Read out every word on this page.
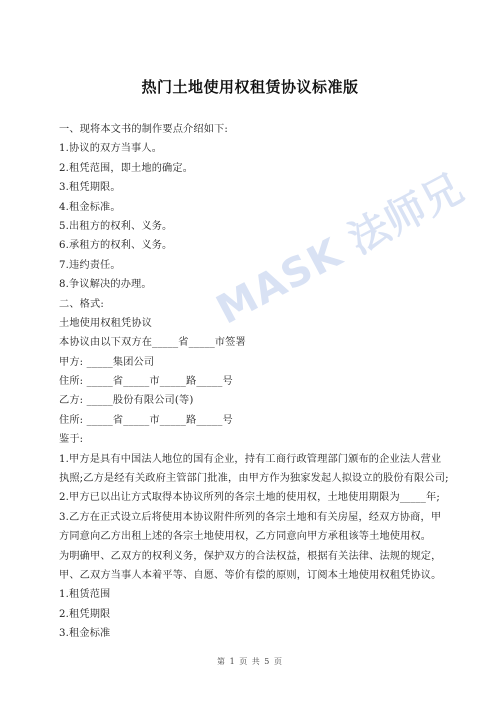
热门土地使用权租赁协议标准版
一、现将本文书的制作要点介绍如下:
1.协议的双方当事人。
2.租凭范围，即土地的确定。
3.租凭期限。
4.租金标准。
5.出租方的权利、义务。
6.承租方的权利、义务。
7.违约责任。
8.争议解决的办理。
二、格式:
土地使用权租凭协议
本协议由以下双方在_____省_____市签署
甲方: _____集团公司
住所: _____省_____市_____路_____号
乙方: _____股份有限公司(等)
住所: _____省_____市_____路_____号
鉴于:
1.甲方是具有中国法人地位的国有企业，持有工商行政管理部门颁布的企业法人营业
执照;乙方是经有关政府主管部门批准，由甲方作为独家发起人拟设立的股份有限公司;
2.甲方已以出让方式取得本协议所列的各宗土地的使用权，土地使用期限为_____年;
3.乙方在正式设立后将使用本协议附件所列的各宗土地和有关房屋，经双方协商，甲
方同意向乙方出租上述的各宗土地使用权，乙方同意向甲方承租该等土地使用权。
为明确甲、乙双方的权利义务，保护双方的合法权益，根据有关法律、法规的规定，
甲、乙双方当事人本着平等、自愿、等价有偿的原则，订阅本土地使用权租凭协议。
1.租赁范围
2.租凭期限
3.租金标准
MASK 法师兄
第 1 页 共 5 页
